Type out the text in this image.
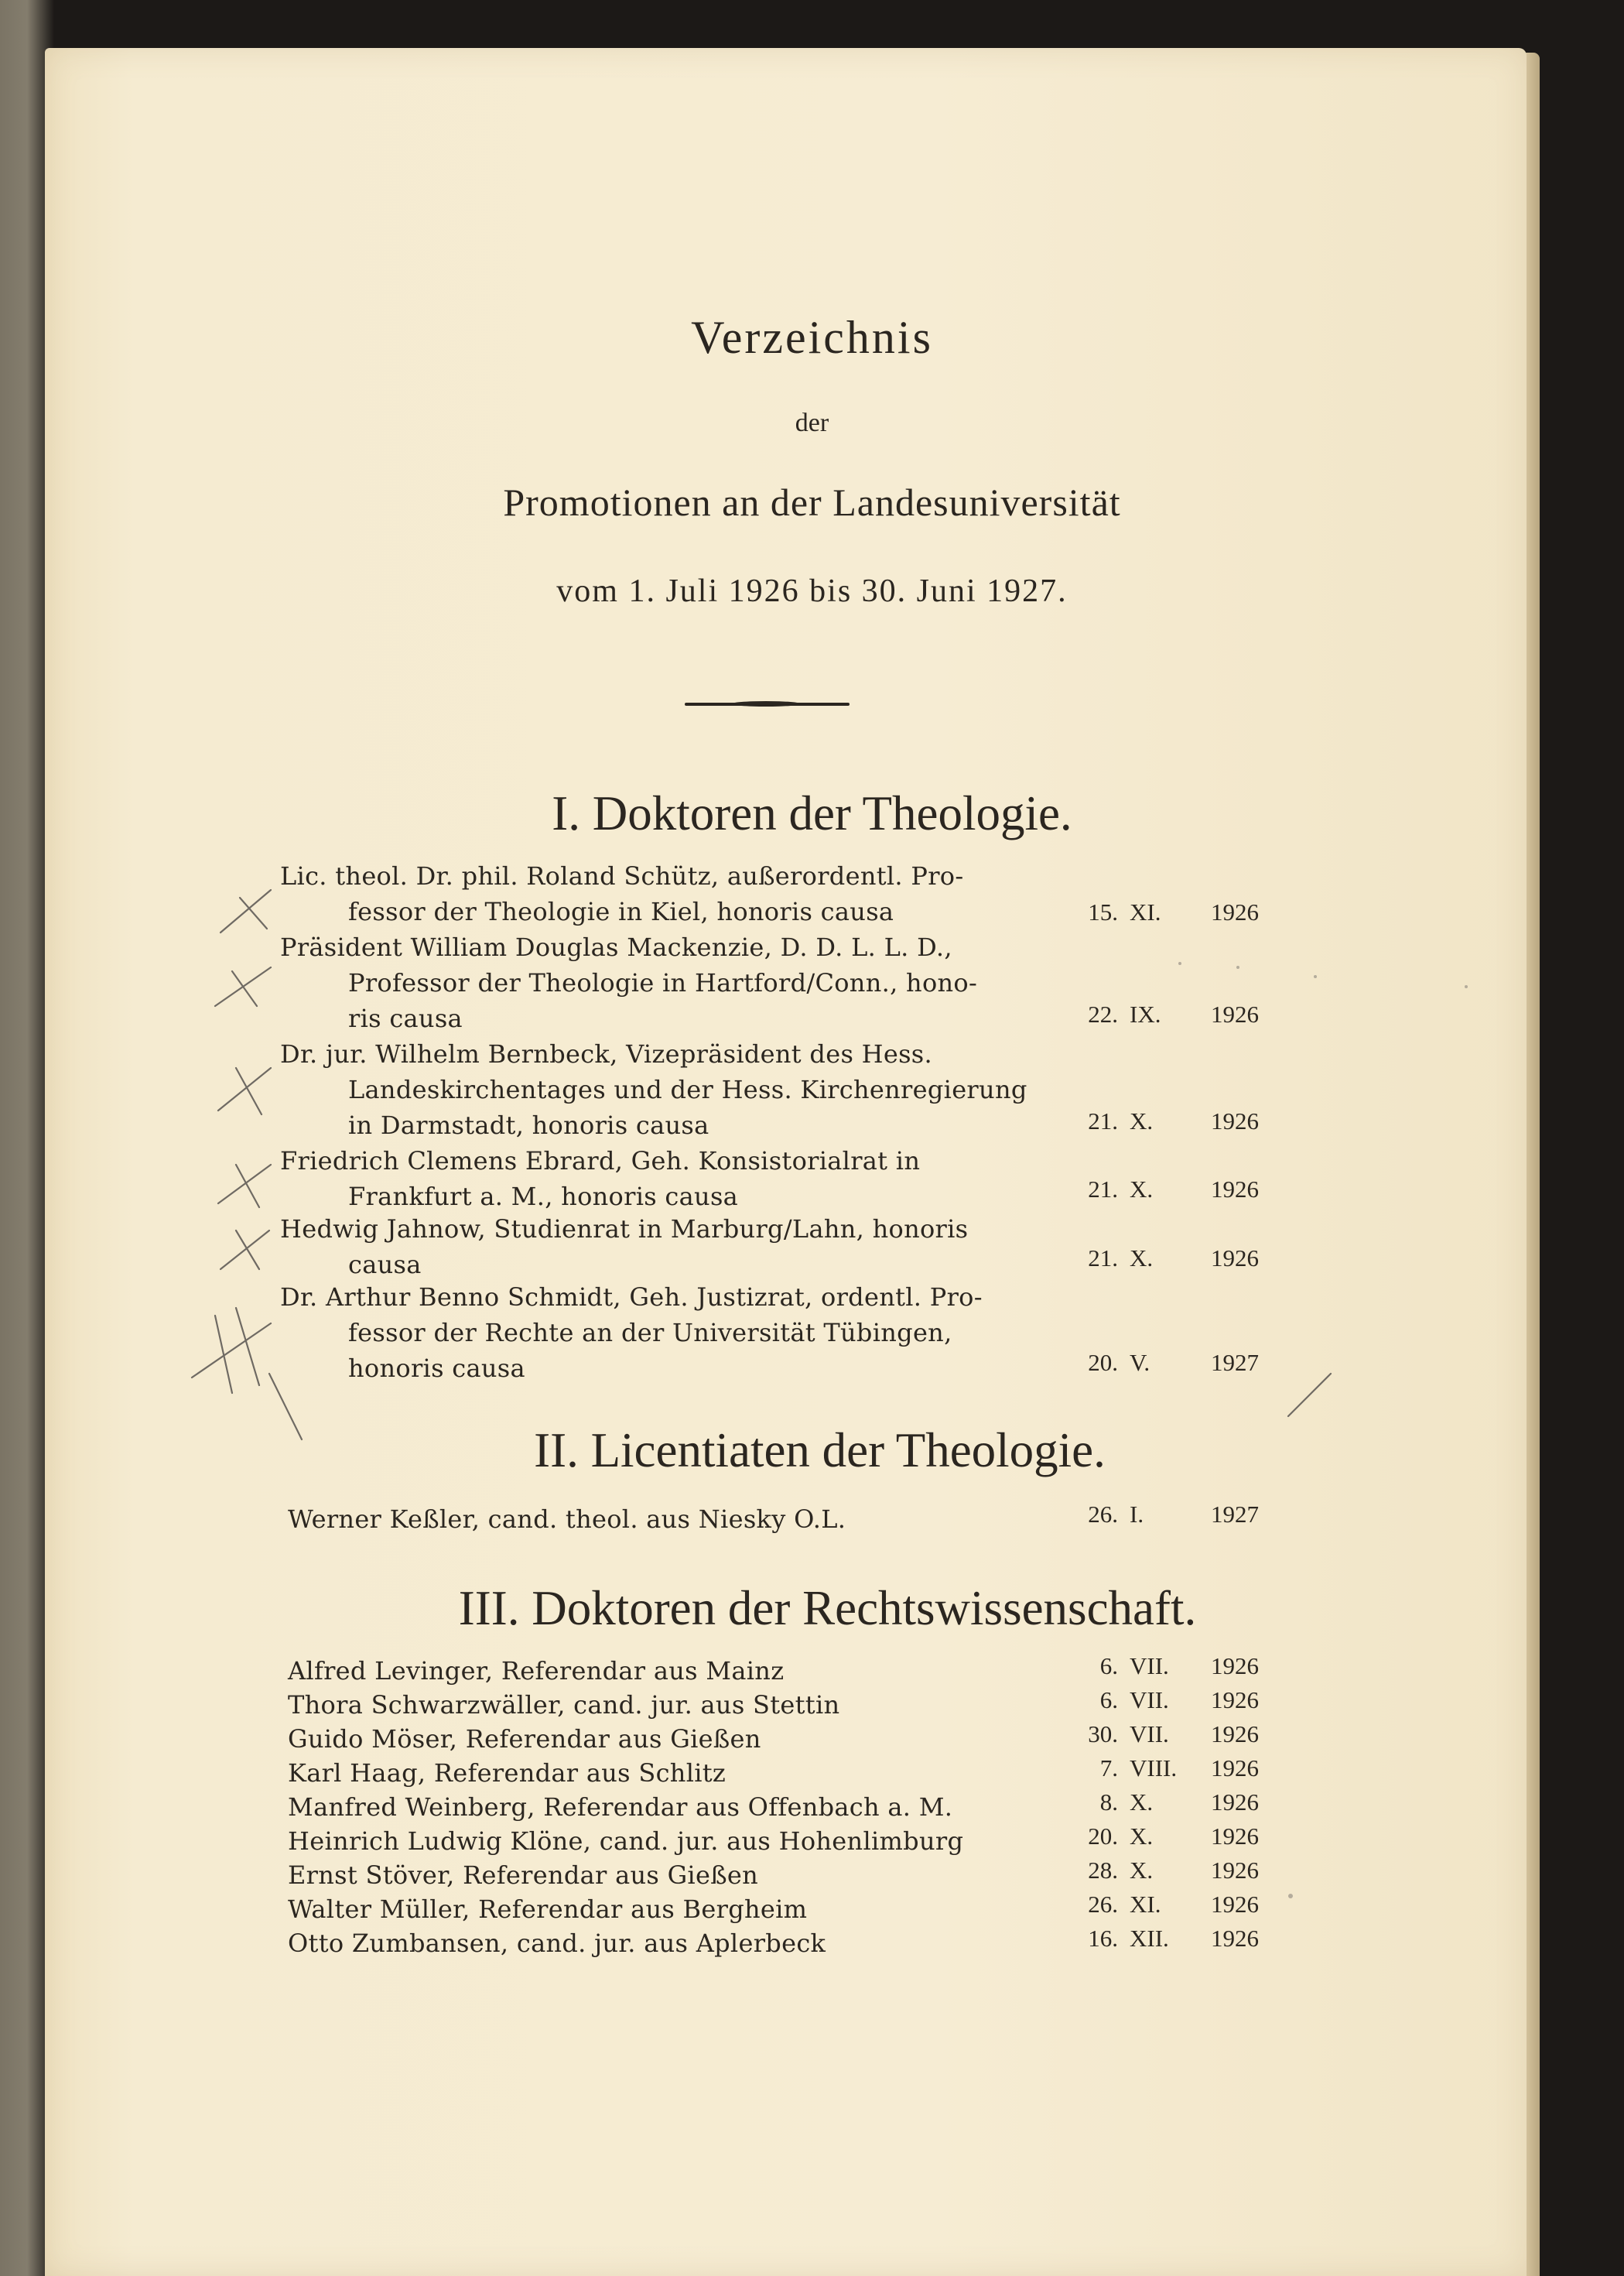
Verzeichnis
der
Promotionen an der Landesuniversität
vom 1. Juli 1926 bis 30. Juni 1927.
I. Doktoren der Theologie.
Lic. theol. Dr. phil. Roland Schütz, außerordentl. Pro-
fessor der Theologie in Kiel, honoris causa	15. XI. 1926
Präsident William Douglas Mackenzie, D. D. L. L. D.,
Professor der Theologie in Hartford/Conn., hono-
ris causa	22. IX. 1926
Dr. jur. Wilhelm Bernbeck, Vizepräsident des Hess.
Landeskirchentages und der Hess. Kirchenregierung
in Darmstadt, honoris causa	21. X. 1926
Friedrich Clemens Ebrard, Geh. Konsistorialrat in
Frankfurt a. M., honoris causa	21. X. 1926
Hedwig Jahnow, Studienrat in Marburg/Lahn, honoris
causa	21. X. 1926
Dr. Arthur Benno Schmidt, Geh. Justizrat, ordentl. Pro-
fessor der Rechte an der Universität Tübingen,
honoris causa	20. V.	1927
II. Licentiaten der Theologie.
Werner Keßler, cand. theol. aus Niesky O.L.	26. I.	1927
III. Doktoren der Rechtswissenschaft.
Alfred Levinger, Referendar aus Mainz	6. VII. 1926
Thora Schwarzwäller, cand. jur. aus Stettin	6. VII. 1926
Guido Möser, Referendar aus Gießen	30. VII. 1926
Karl Haag, Referendar aus Schlitz	7. VIII. 1926
Manfred Weinberg, Referendar aus Offenbach a. M.	8. X. 1926
Heinrich Ludwig Klöne, cand. jur. aus Hohenlimburg	20. X. 1926
Ernst Stöver, Referendar aus Gießen	28. X. 1926
Walter Müller, Referendar aus Bergheim	26. XI. 1926
Otto Zumbansen, cand. jur. aus Aplerbeck	16. XII. 1926
